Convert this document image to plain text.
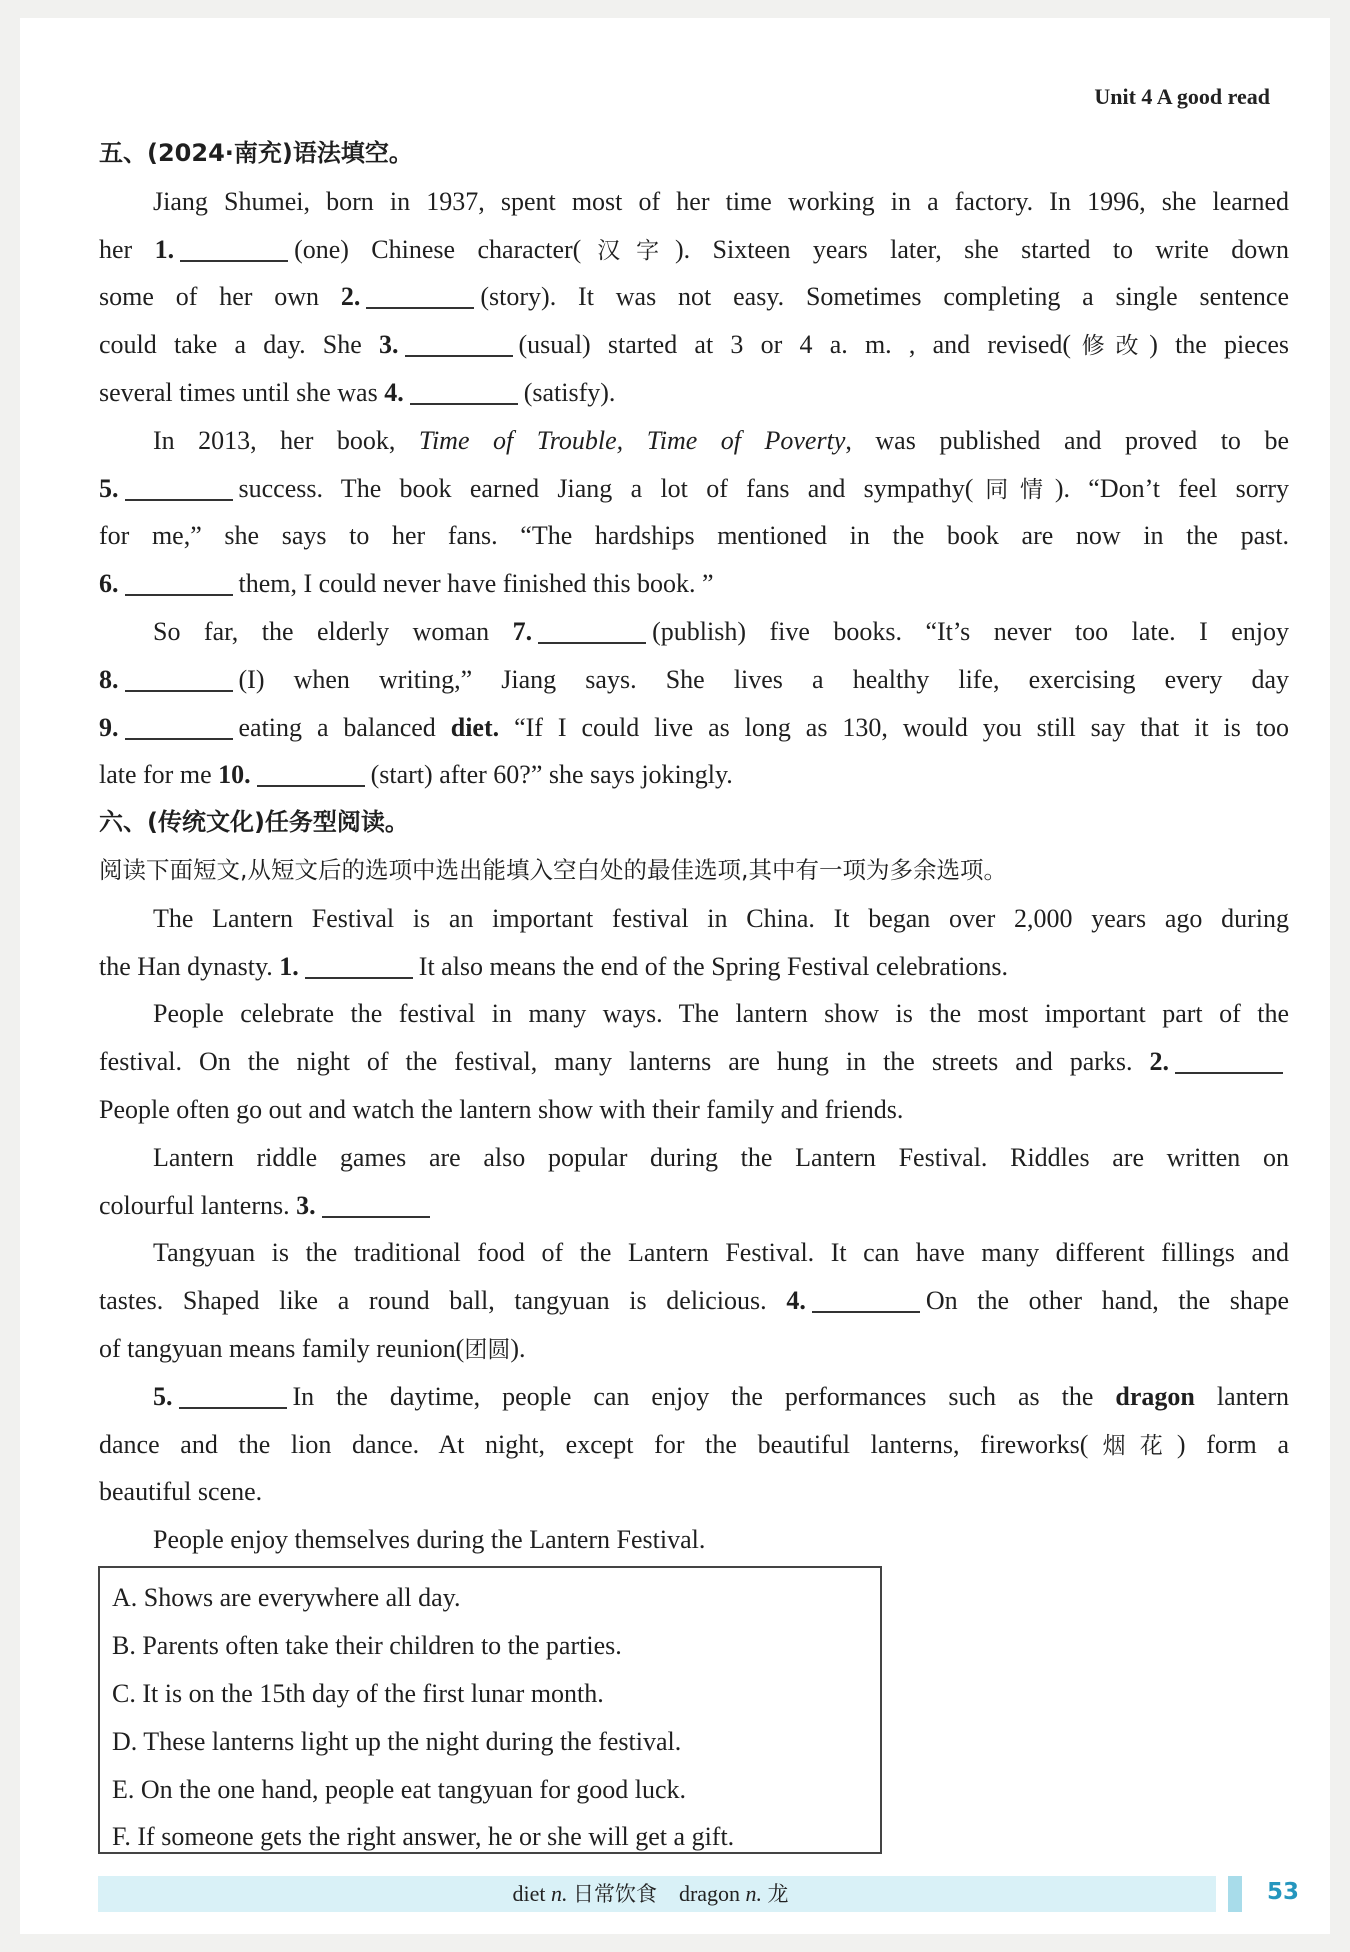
Unit 4 A good read

五、(2024·南充)语法填空。

Jiang Shumei, born in 1937, spent most of her time working in a factory. In 1996, she learned

her 1.	(one) Chinese character(汉字). Sixteen years later, she started to write down

some of her own 2.	(story). It was not easy. Sometimes completing a single sentence

could take a day. She 3.	(usual) started at 3 or 4 a. m. , and revised(修改) the pieces

several times until she was 4.	(satisfy).

In 2013, her book, Time of Trouble, Time of Poverty, was published and proved to be

5.	success. The book earned Jiang a lot of fans and sympathy(同情). “Don’t feel sorry

for me,” she says to her fans. “The hardships mentioned in the book are now in the past.

6.	them, I could never have finished this book. ”

So far, the elderly woman 7.	(publish) five books. “It’s never too late. I enjoy

8.	(I) when writing,” Jiang says. She lives a healthy life, exercising every day

9.	eating a balanced diet. “If I could live as long as 130, would you still say that it is too

late for me 10.	(start) after 60?” she says jokingly.

六、(传统文化)任务型阅读。

阅读下面短文,从短文后的选项中选出能填入空白处的最佳选项,其中有一项为多余选项。

The Lantern Festival is an important festival in China. It began over 2,000 years ago during

the Han dynasty. 1.	It also means the end of the Spring Festival celebrations.

People celebrate the festival in many ways. The lantern show is the most important part of the

festival. On the night of the festival, many lanterns are hung in the streets and parks. 2.

People often go out and watch the lantern show with their family and friends.

Lantern riddle games are also popular during the Lantern Festival. Riddles are written on

colourful lanterns. 3.

Tangyuan is the traditional food of the Lantern Festival. It can have many different fillings and

tastes. Shaped like a round ball, tangyuan is delicious. 4.	On the other hand, the shape

of tangyuan means family reunion(团圆).

5.	In the daytime, people can enjoy the performances such as the dragon lantern

dance and the lion dance. At night, except for the beautiful lanterns, fireworks(烟花) form a

beautiful scene.

People enjoy themselves during the Lantern Festival.

A. Shows are everywhere all day.
B. Parents often take their children to the parties.
C. It is on the 15th day of the first lunar month.
D. These lanterns light up the night during the festival.
E. On the one hand, people eat tangyuan for good luck.
F. If someone gets the right answer, he or she will get a gift.
diet n. 日常饮食 dragon n. 龙	53
